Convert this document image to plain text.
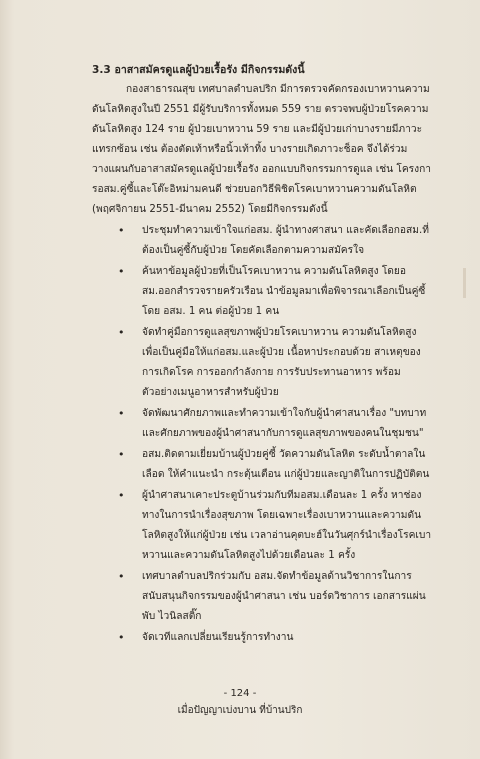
3.3 อาสาสมัครดูแลผู้ป่วยเรื้อรัง มีกิจกรรมดังนี้

กองสาธารณสุข เทศบาลตำบลปริก มีการตรวจคัดกรองเบาหวานความดันโลหิตสูงในปี 2551 มีผู้รับบริการทั้งหมด 559 ราย ตรวจพบผู้ป่วยโรคความดันโลหิตสูง 124 ราย ผู้ป่วยเบาหวาน 59 ราย และมีผู้ป่วยเก่าบางรายมีภาวะแทรกซ้อน เช่น ต้องตัดเท้าหรือนิ้วเท้าทิ้ง บางรายเกิดภาวะช็อค จึงได้ร่วมวางแผนกับอาสาสมัครดูแลผู้ป่วยเรื้อรัง ออกแบบกิจกรรมการดูแล เช่น โครงการอสม.คู่ซี้และโต๊ะอิหม่ามคนดี ช่วยบอกวิธีพิชิตโรคเบาหวานความดันโลหิต (พฤศจิกายน 2551-มีนาคม 2552) โดยมีกิจกรรมดังนี้

• ประชุมทำความเข้าใจแก่อสม. ผู้นำทางศาสนา และคัดเลือกอสม.ที่ต้องเป็นคู่ซี้กับผู้ป่วย โดยคัดเลือกตามความสมัครใจ
• ค้นหาข้อมูลผู้ป่วยที่เป็นโรคเบาหวาน ความดันโลหิตสูง โดยอสม.ออกสำรวจรายครัวเรือน นำข้อมูลมาเพื่อพิจารณาเลือกเป็นคู่ซี้ โดย อสม. 1 คน ต่อผู้ป่วย 1 คน
• จัดทำคู่มือการดูแลสุขภาพผู้ป่วยโรคเบาหวาน ความดันโลหิตสูงเพื่อเป็นคู่มือให้แก่อสม.และผู้ป่วย เนื้อหาประกอบด้วย สาเหตุของการเกิดโรค การออกกำลังกาย การรับประทานอาหาร พร้อมตัวอย่างเมนูอาหารสำหรับผู้ป่วย
• จัดพัฒนาศักยภาพและทำความเข้าใจกับผู้นำศาสนาเรื่อง "บทบาทและศักยภาพของผู้นำศาสนากับการดูแลสุขภาพของคนในชุมชน"
• อสม.ติดตามเยี่ยมบ้านผู้ป่วยคู่ซี้ วัดความดันโลหิต ระดับน้ำตาลในเลือด ให้คำแนะนำ กระตุ้นเตือน แก่ผู้ป่วยและญาติในการปฏิบัติตน
• ผู้นำศาสนาเคาะประตูบ้านร่วมกับทีมอสม.เดือนละ 1 ครั้ง หาช่องทางในการนำเรื่องสุขภาพ โดยเฉพาะเรื่องเบาหวานและความดันโลหิตสูงให้แก่ผู้ป่วย เช่น เวลาอ่านคุตบะฮ์ในวันศุกร์นำเรื่องโรคเบาหวานและความดันโลหิตสูงไปด้วยเดือนละ 1 ครั้ง
• เทศบาลตำบลปริกร่วมกับ อสม.จัดทำข้อมูลด้านวิชาการในการสนับสนุนกิจกรรมของผู้นำศาสนา เช่น บอร์ดวิชาการ เอกสารแผ่นพับ ไวนิลสติ๊ก
• จัดเวทีแลกเปลี่ยนเรียนรู้การทำงาน
- 124 -
เมื่อปัญญาเบ่งบาน ที่บ้านปริก
